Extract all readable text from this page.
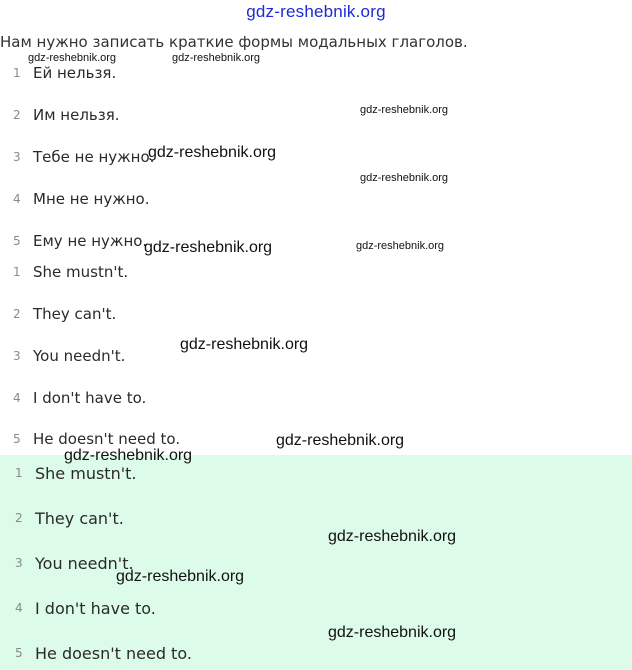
gdz-reshebnik.org
Нам нужно записать краткие формы модальных глаголов.
1 Ей нельзя.
2 Им нельзя.
3 Тебе не нужно.
4 Мне не нужно.
5 Ему не нужно.
1 She mustn't.
2 They can't.
3 You needn't.
4 I don't have to.
5 He doesn't need to.
1 She mustn't.
2 They can't.
3 You needn't.
4 I don't have to.
5 He doesn't need to.
gdz-reshebnik.org	gdz-reshebnik.org
gdz-reshebnik.org
gdz-reshebnik.org
gdz-reshebnik.org
gdz-reshebnik.org	gdz-reshebnik.org
gdz-reshebnik.org
gdz-reshebnik.org
gdz-reshebnik.org
gdz-reshebnik.org
gdz-reshebnik.org
gdz-reshebnik.org
